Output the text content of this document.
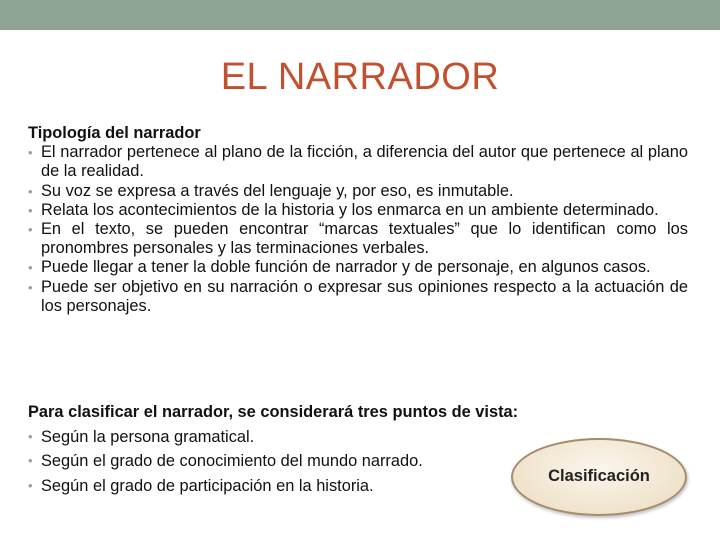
EL NARRADOR
Tipología del narrador
• El narrador pertenece al plano de la ficción, a diferencia del autor que pertenece al plano de la realidad.
• Su voz se expresa a través del lenguaje y, por eso, es inmutable.
• Relata los acontecimientos de la historia y los enmarca en un ambiente determinado.
• En el texto, se pueden encontrar “marcas textuales” que lo identifican como los pronombres personales y las terminaciones verbales.
• Puede llegar a tener la doble función de narrador y de personaje, en algunos casos.
• Puede ser objetivo en su narración o expresar sus opiniones respecto a la actuación de los personajes.
Para clasificar el narrador, se considerará tres puntos de vista:
• Según la persona gramatical.
• Según el grado de conocimiento del mundo narrado.
• Según el grado de participación en la historia.
Clasificación
